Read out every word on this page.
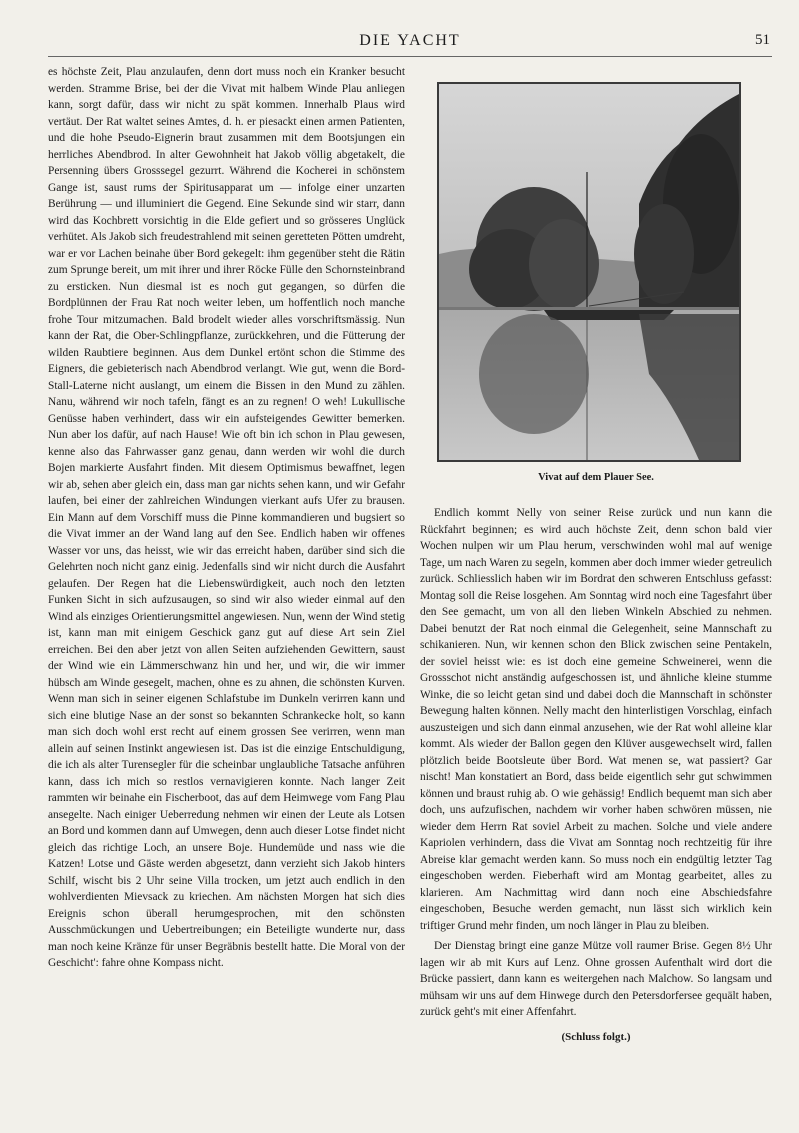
DIE YACHT	51

es höchste Zeit, Plau anzulaufen, denn dort muss noch ein Kranker besucht werden. Stramme Brise, bei der die Vivat mit halbem Winde Plau anliegen kann, sorgt dafür, dass wir nicht zu spät kommen. Innerhalb Plaus wird vertäut. Der Rat waltet seines Amtes, d. h. er piesackt einen armen Patienten, und die hohe Pseudo-Eignerin braut zusammen mit dem Bootsjungen ein herrliches Abendbrod. In alter Gewohnheit hat Jakob völlig abgetakelt, die Persenning übers Grosssegel gezurrt. Während die Kocherei in schönstem Gange ist, saust rums der Spiritusapparat um — infolge einer unzarten Berührung — und illuminiert die Gegend. Eine Sekunde sind wir starr, dann wird das Kochbrett vorsichtig in die Elde gefiert und so grösseres Unglück verhütet. Als Jakob sich freudestrahlend mit seinen geretteten Pötten umdreht, war er vor Lachen beinahe über Bord gekegelt: ihm gegenüber steht die Rätin zum Sprunge bereit, um mit ihrer und ihrer Röcke Fülle den Schornsteinbrand zu ersticken. Nun diesmal ist es noch gut gegangen, so dürfen die Bordplünnen der Frau Rat noch weiter leben, um hoffentlich noch manche frohe Tour mitzumachen. Bald brodelt wieder alles vorschriftsmässig. Nun kann der Rat, die Ober-Schlingpflanze, zurückkehren, und die Fütterung der wilden Raubtiere beginnen. Aus dem Dunkel ertönt schon die Stimme des Eigners, die gebieterisch nach Abendbrod verlangt. Wie gut, wenn die Bord-Stall-Laterne nicht auslangt, um einem die Bissen in den Mund zu zählen. Nanu, während wir noch tafeln, fängt es an zu regnen! O weh! Lukullische Genüsse haben verhindert, dass wir ein aufsteigendes Gewitter bemerken. Nun aber los dafür, auf nach Hause! Wie oft bin ich schon in Plau gewesen, kenne also das Fahrwasser ganz genau, dann werden wir wohl die durch Bojen markierte Ausfahrt finden. Mit diesem Optimismus bewaffnet, legen wir ab, sehen aber gleich ein, dass man gar nichts sehen kann, und wir Gefahr laufen, bei einer der zahlreichen Windungen vierkant aufs Ufer zu brausen. Ein Mann auf dem Vorschiff muss die Pinne kommandieren und bugsiert so die Vivat immer an der Wand lang auf den See. Endlich haben wir offenes Wasser vor uns, das heisst, wie wir das erreicht haben, darüber sind sich die Gelehrten noch nicht ganz einig. Jedenfalls sind wir nicht durch die Ausfahrt gelaufen. Der Regen hat die Liebenswürdigkeit, auch noch den letzten Funken Sicht in sich aufzusaugen, so sind wir also wieder einmal auf den Wind als einziges Orientierungsmittel angewiesen. Nun, wenn der Wind stetig ist, kann man mit einigem Geschick ganz gut auf diese Art sein Ziel erreichen. Bei den aber jetzt von allen Seiten aufziehenden Gewittern, saust der Wind wie ein Lämmerschwanz hin und her, und wir, die wir immer hübsch am Winde gesegelt, machen, ohne es zu ahnen, die schönsten Kurven. Wenn man sich in seiner eigenen Schlafstube im Dunkeln verirren kann und sich eine blutige Nase an der sonst so bekannten Schrankecke holt, so kann man sich doch wohl erst recht auf einem grossen See verirren, wenn man allein auf seinen Instinkt angewiesen ist. Das ist die einzige Entschuldigung, die ich als alter Turensegler für die scheinbar unglaubliche Tatsache anführen kann, dass ich mich so restlos vernavigieren konnte. Nach langer Zeit rammten wir beinahe ein Fischerboot, das auf dem Heimwege vom Fang Plau ansegelte. Nach einiger Ueberredung nehmen wir einen der Leute als Lotsen an Bord und kommen dann auf Umwegen, denn auch dieser Lotse findet nicht gleich das richtige Loch, an unsere Boje. Hundemüde und nass wie die Katzen! Lotse und Gäste werden abgesetzt, dann verzieht sich Jakob hinters Schilf, wischt bis 2 Uhr seine Villa trocken, um jetzt auch endlich in den wohlverdienten Mievsack zu kriechen. Am nächsten Morgen hat sich dies Ereignis schon überall herumgesprochen, mit den schönsten Ausschmückungen und Uebertreibungen; ein Beteiligte wunderte nur, dass man noch keine Kränze für unser Begräbnis bestellt hatte. Die Moral von der Geschicht': fahre ohne Kompass nicht.

Vivat auf dem Plauer See.

Endlich kommt Nelly von seiner Reise zurück und nun kann die Rückfahrt beginnen; es wird auch höchste Zeit, denn schon bald vier Wochen nulpen wir um Plau herum, verschwinden wohl mal auf wenige Tage, um nach Waren zu segeln, kommen aber doch immer wieder getreulich zurück. Schliesslich haben wir im Bordrat den schweren Entschluss gefasst: Montag soll die Reise losgehen. Am Sonntag wird noch eine Tagesfahrt über den See gemacht, um von all den lieben Winkeln Abschied zu nehmen. Dabei benutzt der Rat noch einmal die Gelegenheit, seine Mannschaft zu schikanieren. Nun, wir kennen schon den Blick zwischen seine Pentakeln, der soviel heisst wie: es ist doch eine gemeine Schweinerei, wenn die Grossschot nicht anständig aufgeschossen ist, und ähnliche kleine stumme Winke, die so leicht getan sind und dabei doch die Mannschaft in schönster Bewegung halten können. Nelly macht den hinterlistigen Vorschlag, einfach auszusteigen und sich dann einmal anzusehen, wie der Rat wohl alleine klar kommt. Als wieder der Ballon gegen den Klüver ausgewechselt wird, fallen plötzlich beide Bootsleute über Bord. Wat menen se, wat passiert? Gar nischt! Man konstatiert an Bord, dass beide eigentlich sehr gut schwimmen können und braust ruhig ab. O wie gehässig! Endlich bequemt man sich aber doch, uns aufzufischen, nachdem wir vorher haben schwören müssen, nie wieder dem Herrn Rat soviel Arbeit zu machen. Solche und viele andere Kapriolen verhindern, dass die Vivat am Sonntag noch rechtzeitig für ihre Abreise klar gemacht werden kann. So muss noch ein endgültig letzter Tag eingeschoben werden. Fieberhaft wird am Montag gearbeitet, alles zu klarieren. Am Nachmittag wird dann noch eine Abschiedsfahre eingeschoben, Besuche werden gemacht, nun lässt sich wirklich kein triftiger Grund mehr finden, um noch länger in Plau zu bleiben.

Der Dienstag bringt eine ganze Mütze voll raumer Brise. Gegen 8½ Uhr lagen wir ab mit Kurs auf Lenz. Ohne grossen Aufenthalt wird dort die Brücke passiert, dann kann es weitergehen nach Malchow. So langsam und mühsam wir uns auf dem Hinwege durch den Petersdorfersee gequält haben, zurück geht's mit einer Affenfahrt.

(Schluss folgt.)
